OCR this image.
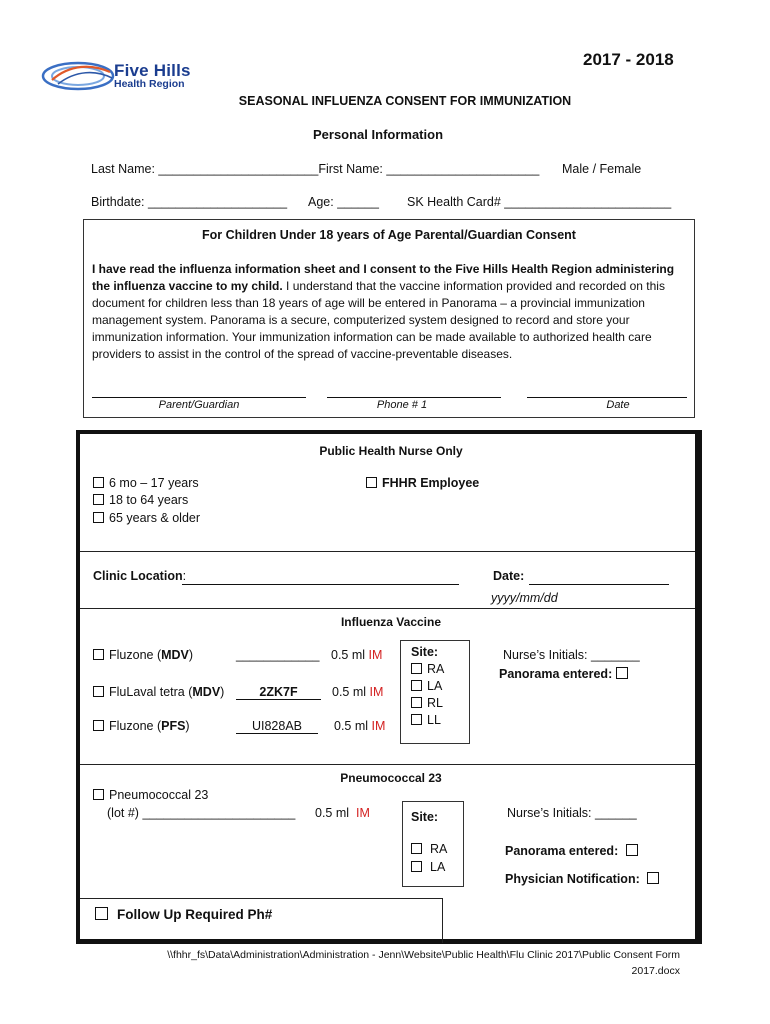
Five Hills
Health Region
2017 - 2018
SEASONAL INFLUENZA CONSENT FOR IMMUNIZATION
Personal Information
Last Name: _______________________First Name: ______________________ Male / Female
Birthdate: ____________________ Age: ______ SK Health Card# ________________________
For Children Under 18 years of Age Parental/Guardian Consent
I have read the influenza information sheet and I consent to the Five Hills Health Region administering the influenza vaccine to my child. I understand that the vaccine information provided and recorded on this document for children less than 18 years of age will be entered in Panorama – a provincial immunization management system. Panorama is a secure, computerized system designed to record and store your immunization information. Your immunization information can be made available to authorized health care providers to assist in the control of the spread of vaccine-preventable diseases.
Parent/Guardian	Phone # 1	Date
Public Health Nurse Only
6 mo – 17 years
18 to 64 years
65 years & older
FHHR Employee
Clinic Location:	Date:
yyyy/mm/dd
Influenza Vaccine
Fluzone (MDV)	____________ 0.5 ml IM
FluLaval tetra (MDV)	2ZK7F	0.5 ml IM
Fluzone (PFS)	UI828AB	0.5 ml IM
Site:
RA
LA
RL
LL
Nurse’s Initials: _______
Panorama entered:
Pneumococcal 23
Pneumococcal 23
(lot #) ______________________ 0.5 ml IM	Site:
RA
LA
Nurse’s Initials: ______
Panorama entered:
Physician Notification:
Follow Up Required Ph#
\\fhhr_fs\Data\Administration\Administration - Jenn\Website\Public Health\Flu Clinic 2017\Public Consent Form
2017.docx
